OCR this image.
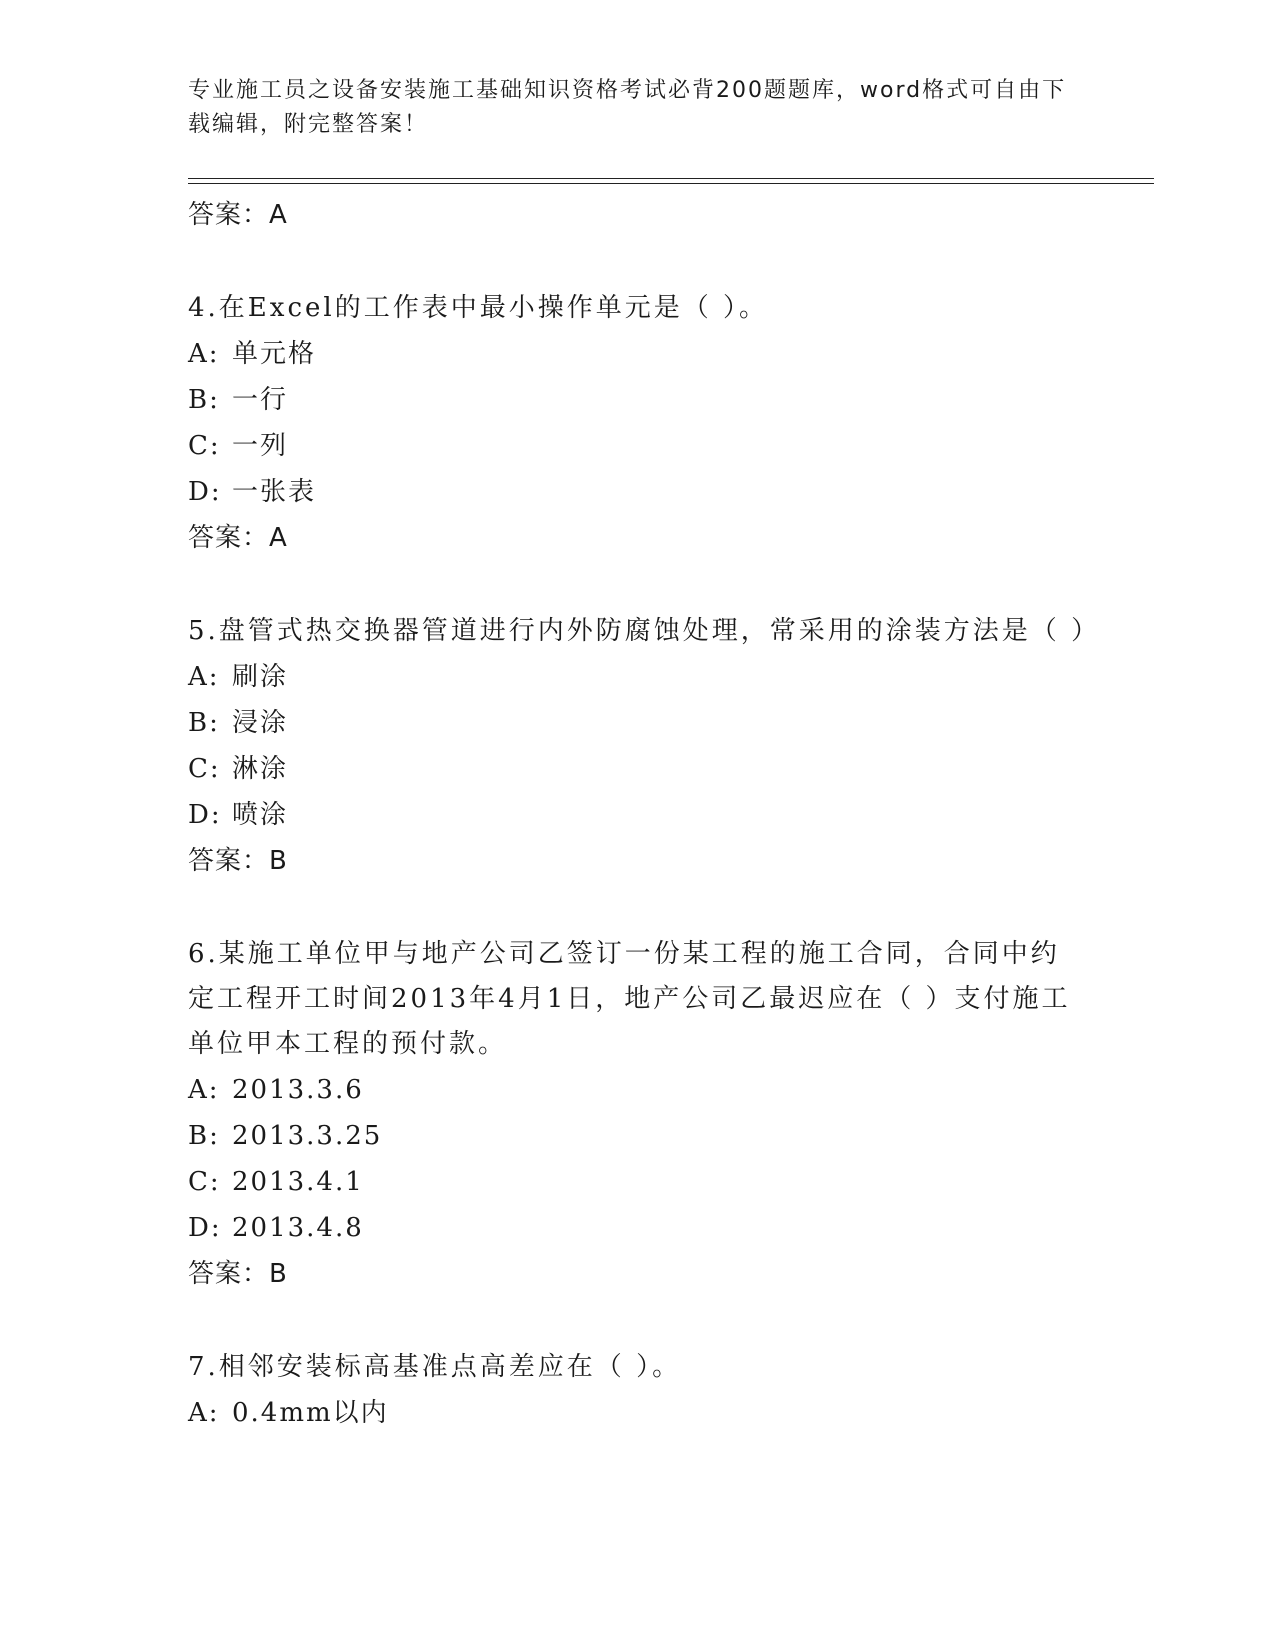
专业施工员之设备安装施工基础知识资格考试必背200题题库，word格式可自由下载编辑，附完整答案！
答案：A
4.在Excel的工作表中最小操作单元是（ ）。
A: 单元格
B: 一行
C: 一列
D: 一张表
答案：A
5.盘管式热交换器管道进行内外防腐蚀处理，常采用的涂装方法是（ ）
A: 刷涂
B: 浸涂
C: 淋涂
D: 喷涂
答案：B
6.某施工单位甲与地产公司乙签订一份某工程的施工合同，合同中约定工程开工时间2013年4月1日，地产公司乙最迟应在（ ）支付施工单位甲本工程的预付款。
A: 2013.3.6
B: 2013.3.25
C: 2013.4.1
D: 2013.4.8
答案：B
7.相邻安装标高基准点高差应在（ ）。
A: 0.4mm以内
